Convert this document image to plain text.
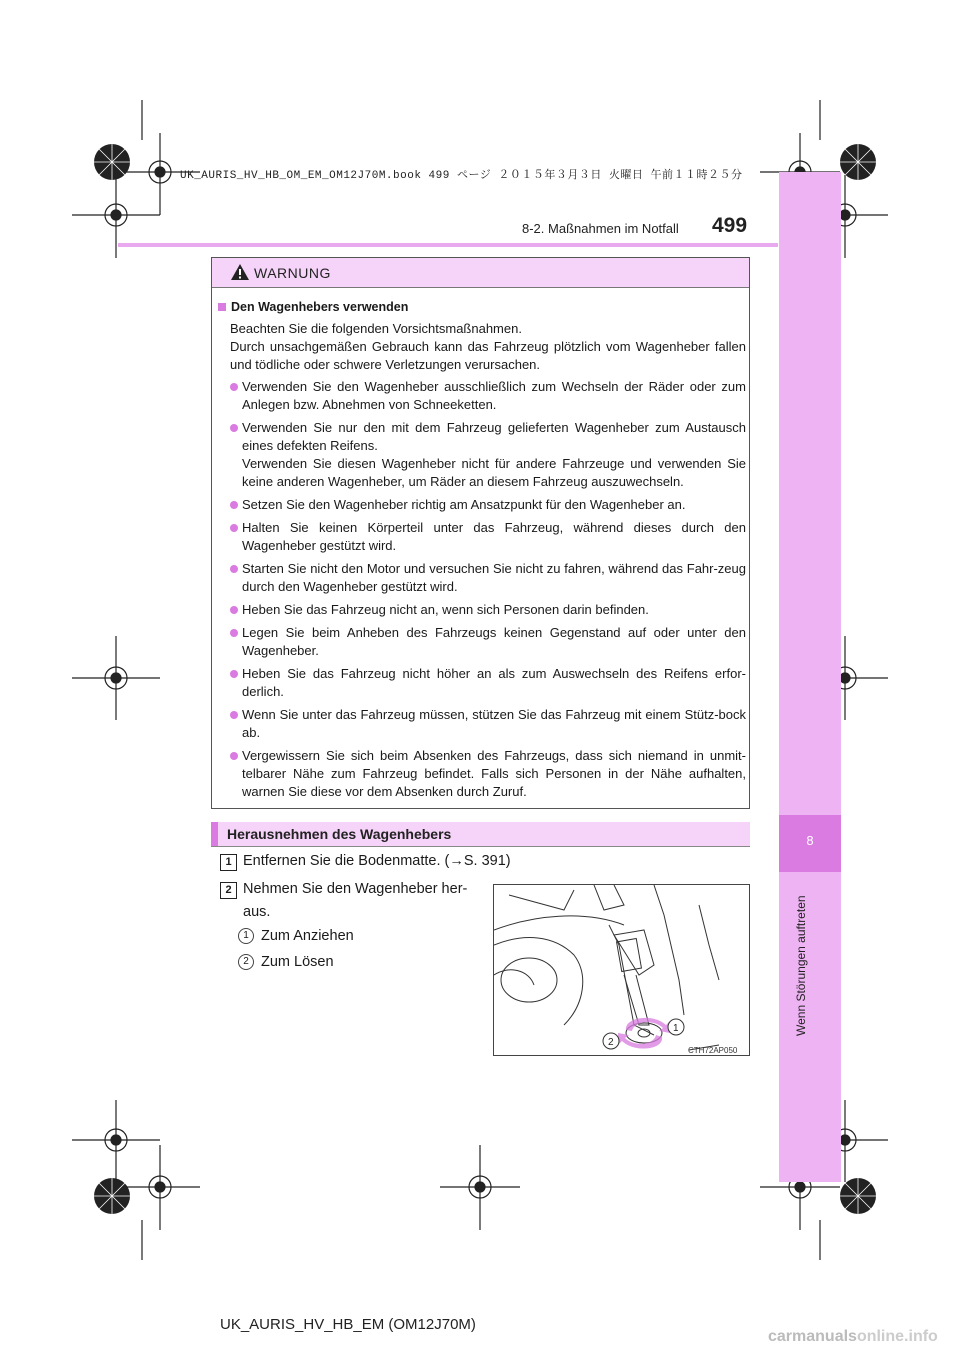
UK_AURIS_HV_HB_OM_EM_OM12J70M.book 499 ページ ２０１５年３月３日 火曜日 午前１１時２５分
8
Wenn Störungen auftreten
8-2. Maßnahmen im Notfall 499
WARNUNG
Den Wagenhebers verwenden
Beachten Sie die folgenden Vorsichtsmaßnahmen.
Durch unsachgemäßen Gebrauch kann das Fahrzeug plötzlich vom Wagenheber fallen und tödliche oder schwere Verletzungen verursachen.
Verwenden Sie den Wagenheber ausschließlich zum Wechseln der Räder oder zum Anlegen bzw. Abnehmen von Schneeketten.
Verwenden Sie nur den mit dem Fahrzeug gelieferten Wagenheber zum Austausch eines defekten Reifens.
Verwenden Sie diesen Wagenheber nicht für andere Fahrzeuge und verwenden Sie keine anderen Wagenheber, um Räder an diesem Fahrzeug auszuwechseln.
Setzen Sie den Wagenheber richtig am Ansatzpunkt für den Wagenheber an.
Halten Sie keinen Körperteil unter das Fahrzeug, während dieses durch den Wagenheber gestützt wird.
Starten Sie nicht den Motor und versuchen Sie nicht zu fahren, während das Fahr-zeug durch den Wagenheber gestützt wird.
Heben Sie das Fahrzeug nicht an, wenn sich Personen darin befinden.
Legen Sie beim Anheben des Fahrzeugs keinen Gegenstand auf oder unter den Wagenheber.
Heben Sie das Fahrzeug nicht höher an als zum Auswechseln des Reifens erfor-derlich.
Wenn Sie unter das Fahrzeug müssen, stützen Sie das Fahrzeug mit einem Stütz-bock ab.
Vergewissern Sie sich beim Absenken des Fahrzeugs, dass sich niemand in unmit-telbarer Nähe zum Fahrzeug befindet. Falls sich Personen in der Nähe aufhalten, warnen Sie diese vor dem Absenken durch Zuruf.
Herausnehmen des Wagenhebers
1 Entfernen Sie die Bodenmatte. (→S. 391)
2 Nehmen Sie den Wagenheber her-
aus.
1 Zum Anziehen
2 Zum Lösen
1
2
CTH72AP050
UK_AURIS_HV_HB_EM (OM12J70M)
carmanualsonline.info
